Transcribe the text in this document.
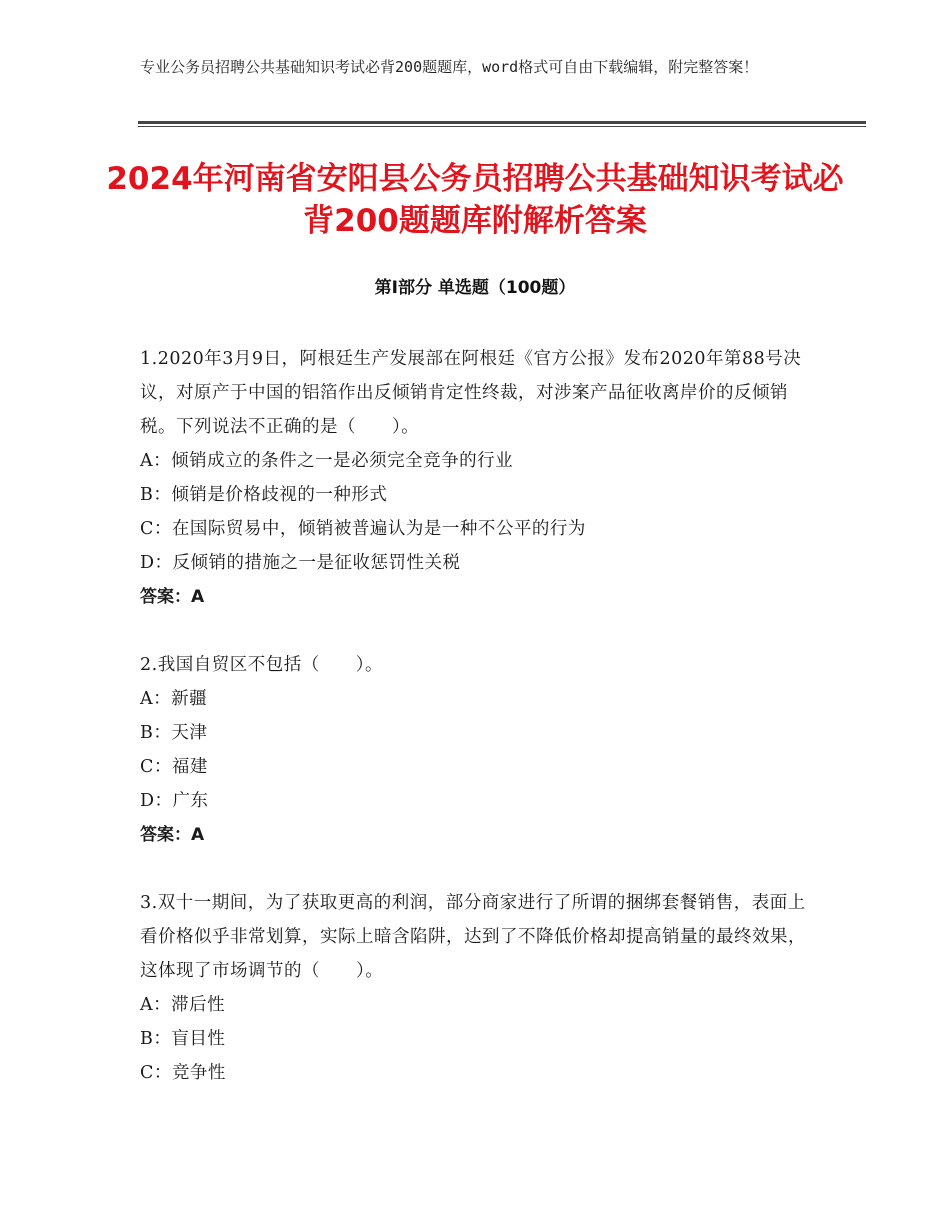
专业公务员招聘公共基础知识考试必背200题题库，word格式可自由下载编辑，附完整答案！
2024年河南省安阳县公务员招聘公共基础知识考试必背200题题库附解析答案
第Ⅰ部分 单选题（100题）

1.2020年3月9日，阿根廷生产发展部在阿根廷《官方公报》发布2020年第88号决议，对原产于中国的铝箔作出反倾销肯定性终裁，对涉案产品征收离岸价的反倾销税。下列说法不正确的是（　　）。

A：倾销成立的条件之一是必须完全竞争的行业

B：倾销是价格歧视的一种形式

C：在国际贸易中，倾销被普遍认为是一种不公平的行为

D：反倾销的措施之一是征收惩罚性关税

答案：A

2.我国自贸区不包括（　　）。

A：新疆

B：天津

C：福建

D：广东

答案：A

3.双十一期间，为了获取更高的利润，部分商家进行了所谓的捆绑套餐销售，表面上看价格似乎非常划算，实际上暗含陷阱，达到了不降低价格却提高销量的最终效果，这体现了市场调节的（　　）。

A：滞后性

B：盲目性

C：竞争性
